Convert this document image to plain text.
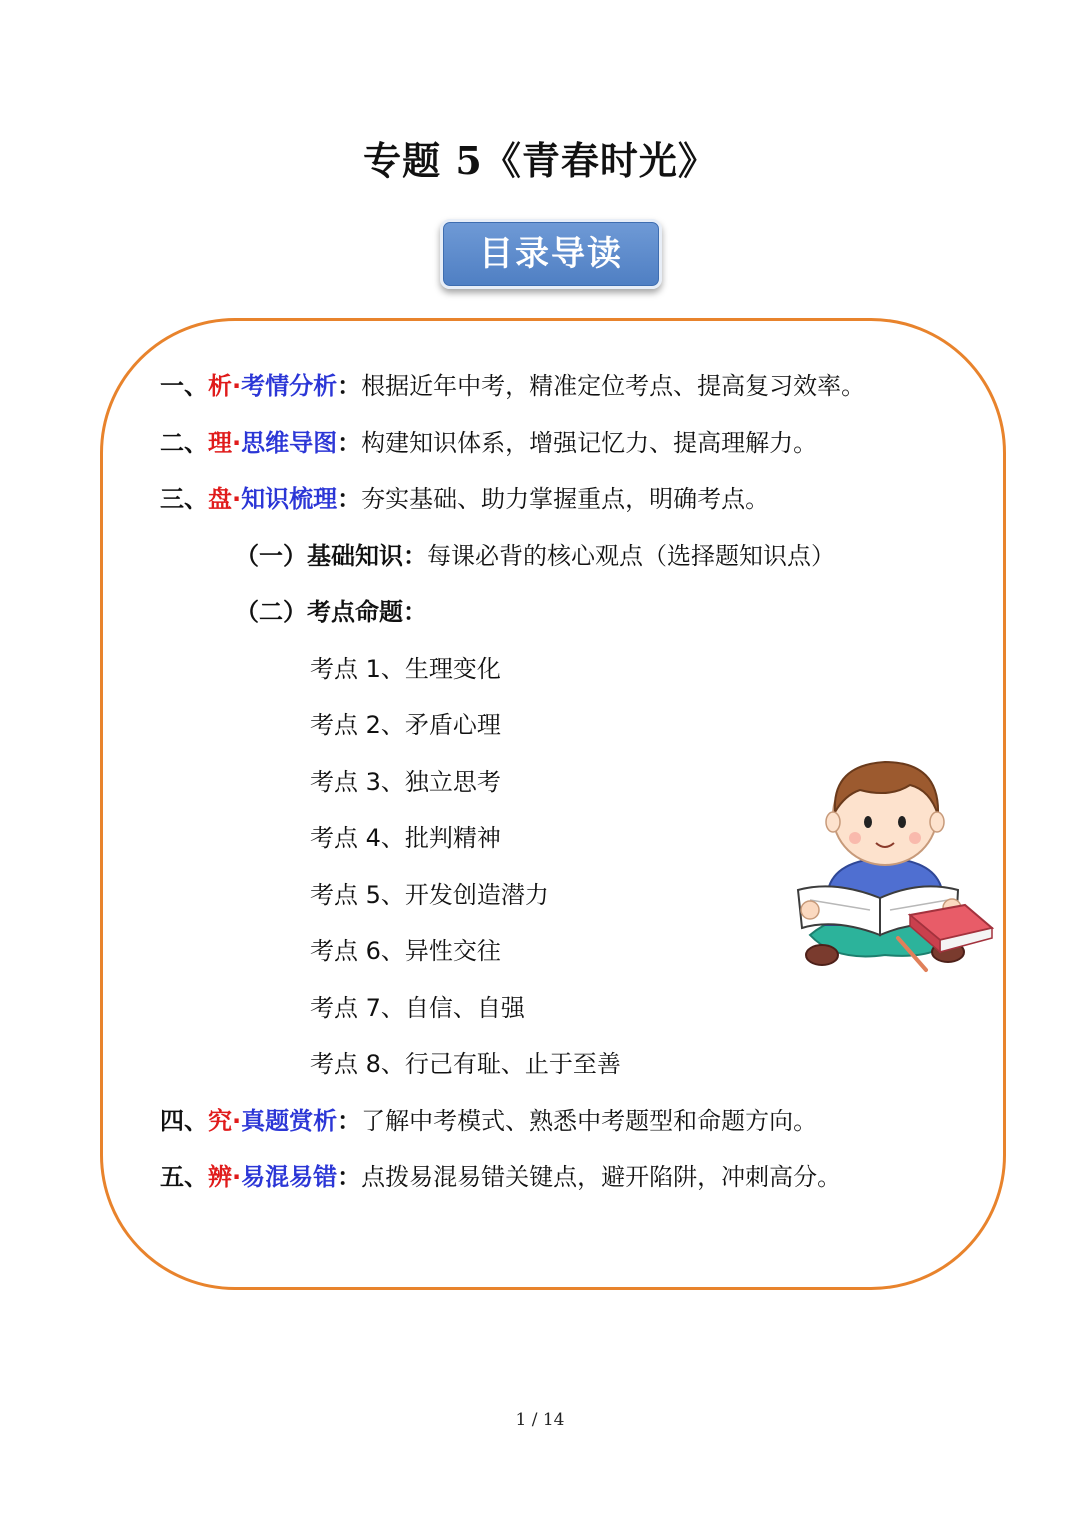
专题 5《青春时光》
目录导读
一、析·考情分析：根据近年中考，精准定位考点、提高复习效率。
二、理·思维导图：构建知识体系，增强记忆力、提高理解力。
三、盘·知识梳理：夯实基础、助力掌握重点，明确考点。
（一）基础知识：每课必背的核心观点（选择题知识点）
（二）考点命题：
考点 1、生理变化
考点 2、矛盾心理
考点 3、独立思考
考点 4、批判精神
考点 5、开发创造潜力
考点 6、异性交往
考点 7、自信、自强
考点 8、行己有耻、止于至善
四、究·真题赏析：了解中考模式、熟悉中考题型和命题方向。
五、辨·易混易错：点拨易混易错关键点，避开陷阱，冲刺高分。
1 / 14
